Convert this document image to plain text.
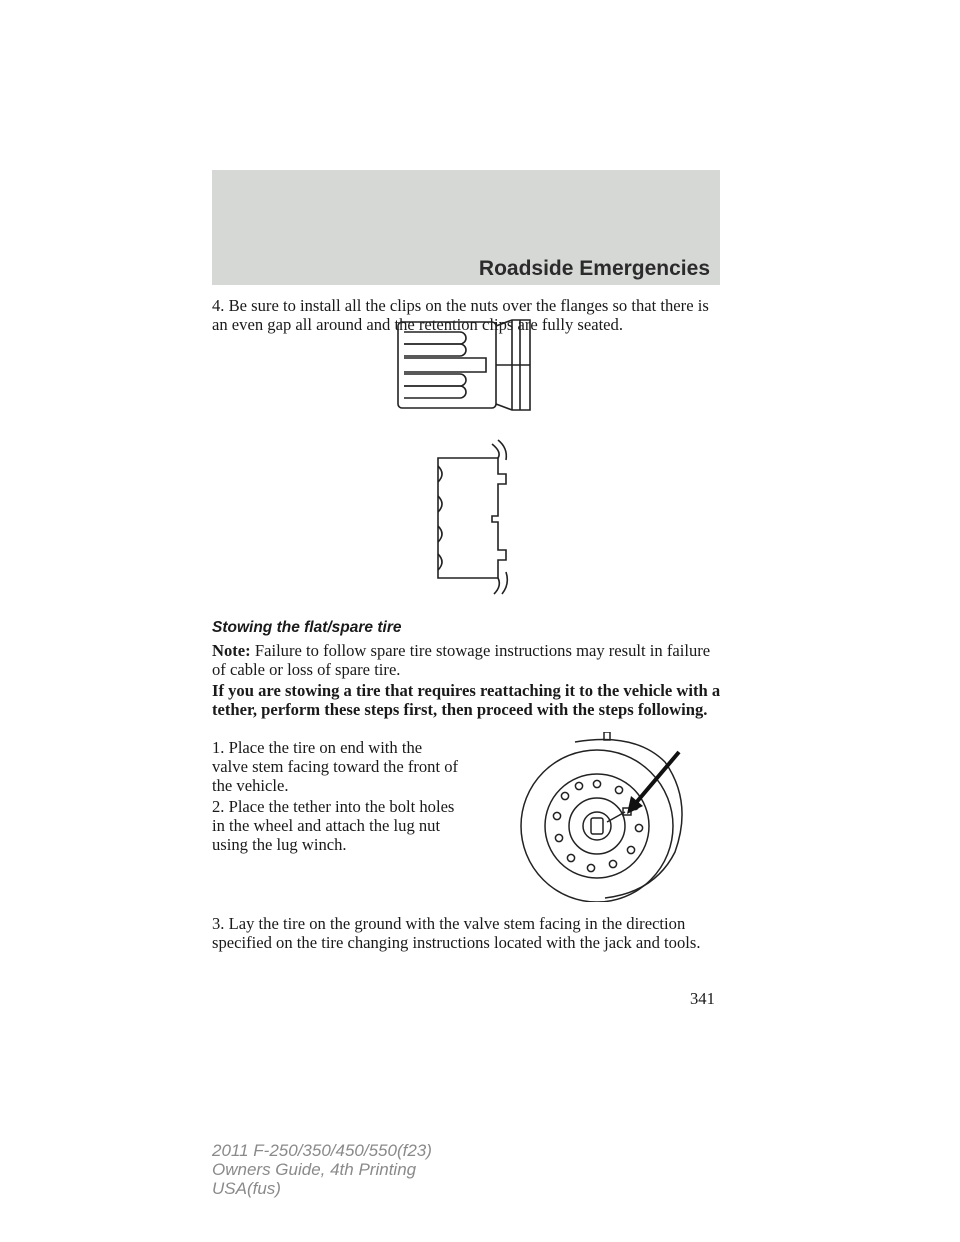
Roadside Emergencies

4. Be sure to install all the clips on the nuts over the flanges so that there is an even gap all around and the retention clips are fully seated.

Stowing the flat/spare tire

Note: Failure to follow spare tire stowage instructions may result in failure of cable or loss of spare tire.

If you are stowing a tire that requires reattaching it to the vehicle with a tether, perform these steps first, then proceed with the steps following.

1. Place the tire on end with the valve stem facing toward the front of the vehicle.

2. Place the tether into the bolt holes in the wheel and attach the lug nut using the lug winch.

3. Lay the tire on the ground with the valve stem facing in the direction specified on the tire changing instructions located with the jack and tools.

341
2011 F-250/350/450/550(f23)
Owners Guide, 4th Printing
USA(fus)
